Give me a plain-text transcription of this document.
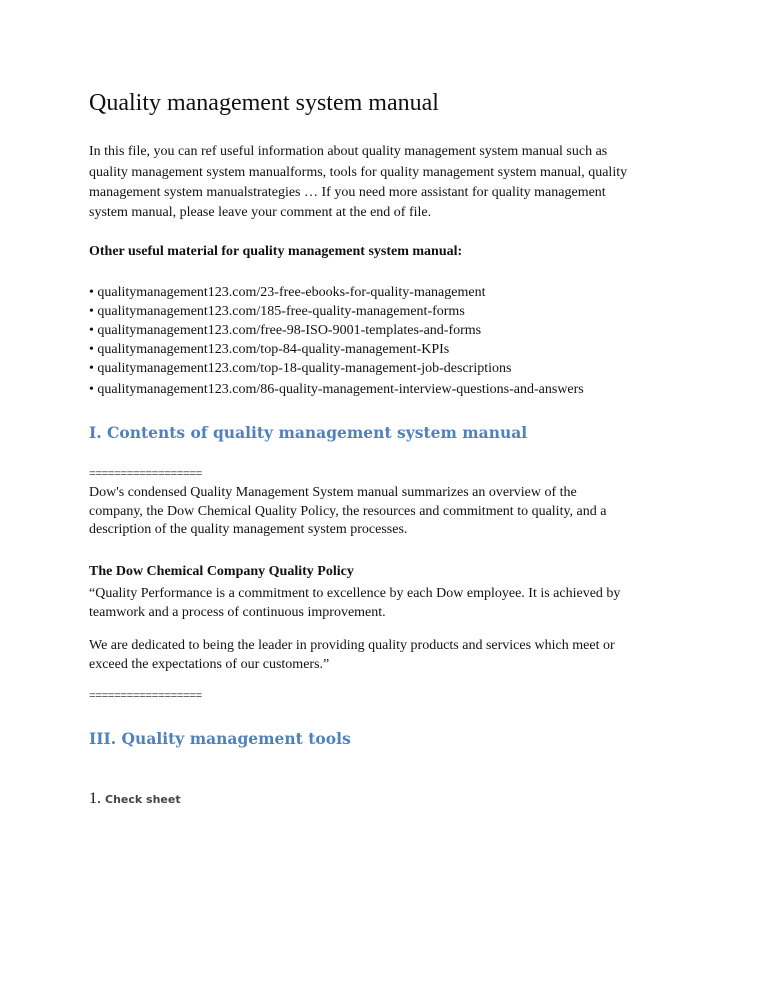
Quality management system manual
In this file, you can ref useful information about quality management system manual such as
quality management system manualforms, tools for quality management system manual, quality
management system manualstrategies … If you need more assistant for quality management
system manual, please leave your comment at the end of file.
Other useful material for quality management system manual:
• qualitymanagement123.com/23-free-ebooks-for-quality-management
• qualitymanagement123.com/185-free-quality-management-forms
• qualitymanagement123.com/free-98-ISO-9001-templates-and-forms
• qualitymanagement123.com/top-84-quality-management-KPIs
• qualitymanagement123.com/top-18-quality-management-job-descriptions
• qualitymanagement123.com/86-quality-management-interview-questions-and-answers
I. Contents of quality management system manual
==================
Dow's condensed Quality Management System manual summarizes an overview of the
company, the Dow Chemical Quality Policy, the resources and commitment to quality, and a
description of the quality management system processes.
The Dow Chemical Company Quality Policy
“Quality Performance is a commitment to excellence by each Dow employee. It is achieved by
teamwork and a process of continuous improvement.
We are dedicated to being the leader in providing quality products and services which meet or
exceed the expectations of our customers.”
==================
III. Quality management tools
1. Check sheet
